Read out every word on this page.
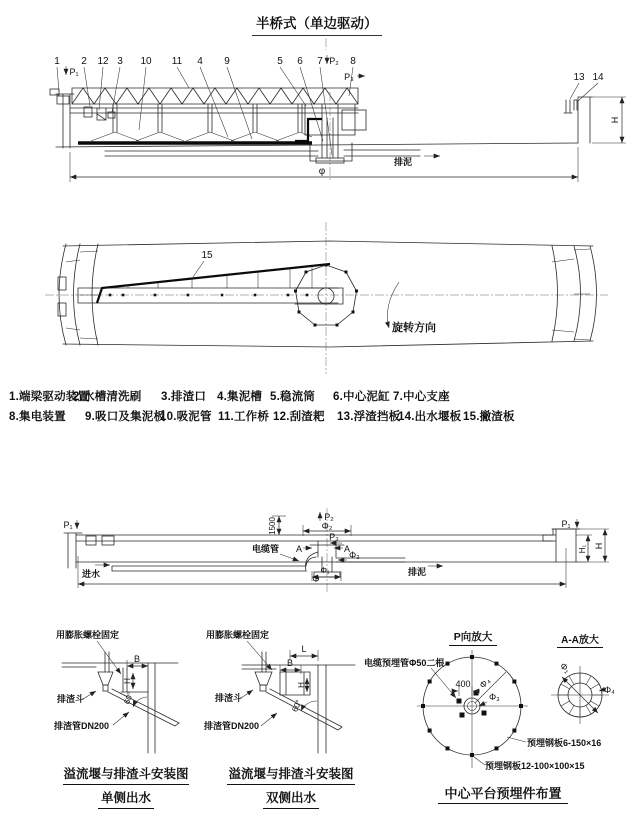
半桥式（单边驱动）
H
φ
排泥
1 2 12 3 10 11 4 9	5 6 7	8
13 14
P₁
P₂
P₃
旋转方向
15
1500	Φ₂
P₂
P₃
A	A
Φ₃
Φ₁
Φ
电缆管
进水	排泥
P₁	P₁
H₁ H
用膨胀螺栓固定
B
H
60°
排渣斗
排渣管DN200
用膨胀螺栓固定
L
B
H
60°
排渣斗
排渣管DN200
400 Φ₄
Φ₃
电缆预埋管Φ50二根
预埋钢板6-150×16
预埋钢板12-100×100×15
Φ₁
Φ₄
1.端梁驱动装置
2.水槽清洗刷 3.排渣口 4.集泥槽 5.稳流筒 6.中心泥缸 7.中心支座
8.集电装置 9.吸口及集泥板
10.吸泥管 11.工作桥 12.刮渣耙 13.浮渣挡板
14.出水堰板 15.撇渣板
溢流堰与排渣斗安装图
单侧出水
溢流堰与排渣斗安装图
双侧出水
P向放大	A-A放大
中心平台预埋件布置
